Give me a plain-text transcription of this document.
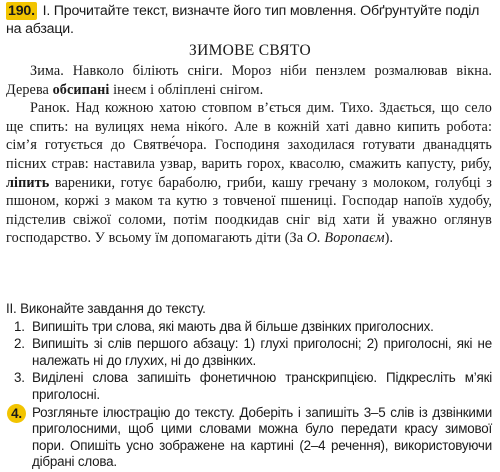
190. І. Прочитайте текст, визначте його тип мовлення. Обґрунтуйте поділ на абзаци.
ЗИМОВЕ СВЯТО

Зима. Навколо біліють сніги. Мороз ніби пензлем розмалював вікна. Дерева обсипані інеєм і обліплені снігом.

Ранок. Над кожною хатою стовпом в’ється дим. Тихо. Здається, що село ще спить: на вулицях нема ніко́го. Але в кожній хаті давно кипить робота: сім’я готується до Святве́чора. Господиня заходилася готувати дванадцять пісних страв: наставила узвар, варить горох, квасолю, смажить капусту, рибу, ліпить вареники, готує бараболю, гриби, кашу гречану з молоком, голубці з пшоном, коржі з маком та кутю з товченої пшениці. Господар напоїв худобу, підстелив свіжої соломи, потім поодкидав сніг від хати й уважно оглянув господарство. У всьому їм допомагають діти (За О. Воропаєм).

ІІ. Виконайте завдання до тексту.

1. Випишіть три слова, які мають два й більше дзвінких приголосних.
2. Випишіть зі слів першого абзацу: 1) глухі приголосні; 2) приголосні, які не належать ні до глухих, ні до дзвінких.
3. Виділені слова запишіть фонетичною транскрипцією. Підкресліть м’які приголосні.
4. Розгляньте ілюстрацію до тексту. Доберіть і запишіть 3–5 слів із дзвінкими приголосними, щоб цими словами можна було передати красу зимової пори. Опишіть усно зображене на картині (2–4 речення), використовуючи дібрані слова.
